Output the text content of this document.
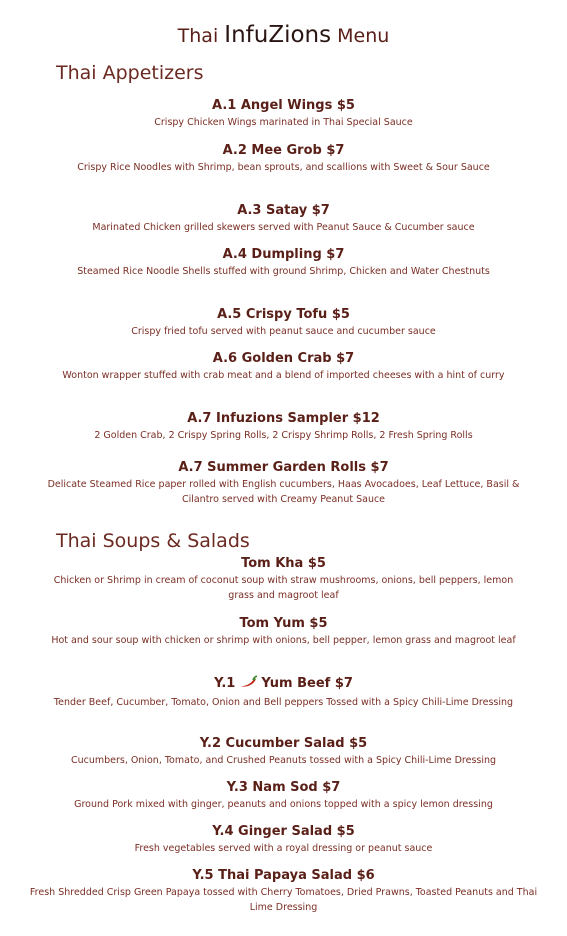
Thai InfuZions Menu
Thai Appetizers
A.1 Angel Wings $5
Crispy Chicken Wings marinated in Thai Special Sauce
A.2 Mee Grob $7
Crispy Rice Noodles with Shrimp, bean sprouts, and scallions with Sweet & Sour Sauce
A.3 Satay $7
Marinated Chicken grilled skewers served with Peanut Sauce & Cucumber sauce
A.4 Dumpling $7
Steamed Rice Noodle Shells stuffed with ground Shrimp, Chicken and Water Chestnuts
A.5 Crispy Tofu $5
Crispy fried tofu served with peanut sauce and cucumber sauce
A.6 Golden Crab $7
Wonton wrapper stuffed with crab meat and a blend of imported cheeses with a hint of curry
A.7 Infuzions Sampler $12
2 Golden Crab, 2 Crispy Spring Rolls, 2 Crispy Shrimp Rolls, 2 Fresh Spring Rolls
A.7 Summer Garden Rolls $7
Delicate Steamed Rice paper rolled with English cucumbers, Haas Avocadoes, Leaf Lettuce, Basil & Cilantro served with Creamy Peanut Sauce
Thai Soups & Salads
Tom Kha $5
Chicken or Shrimp in cream of coconut soup with straw mushrooms, onions, bell peppers, lemon grass and magroot leaf
Tom Yum $5
Hot and sour soup with chicken or shrimp with onions, bell pepper, lemon grass and magroot leaf
Y.1 Yum Beef $7
Tender Beef, Cucumber, Tomato, Onion and Bell peppers Tossed with a Spicy Chili-Lime Dressing
Y.2 Cucumber Salad $5
Cucumbers, Onion, Tomato, and Crushed Peanuts tossed with a Spicy Chili-Lime Dressing
Y.3 Nam Sod $7
Ground Pork mixed with ginger, peanuts and onions topped with a spicy lemon dressing
Y.4 Ginger Salad $5
Fresh vegetables served with a royal dressing or peanut sauce
Y.5 Thai Papaya Salad $6
Fresh Shredded Crisp Green Papaya tossed with Cherry Tomatoes, Dried Prawns, Toasted Peanuts and Thai Lime Dressing
